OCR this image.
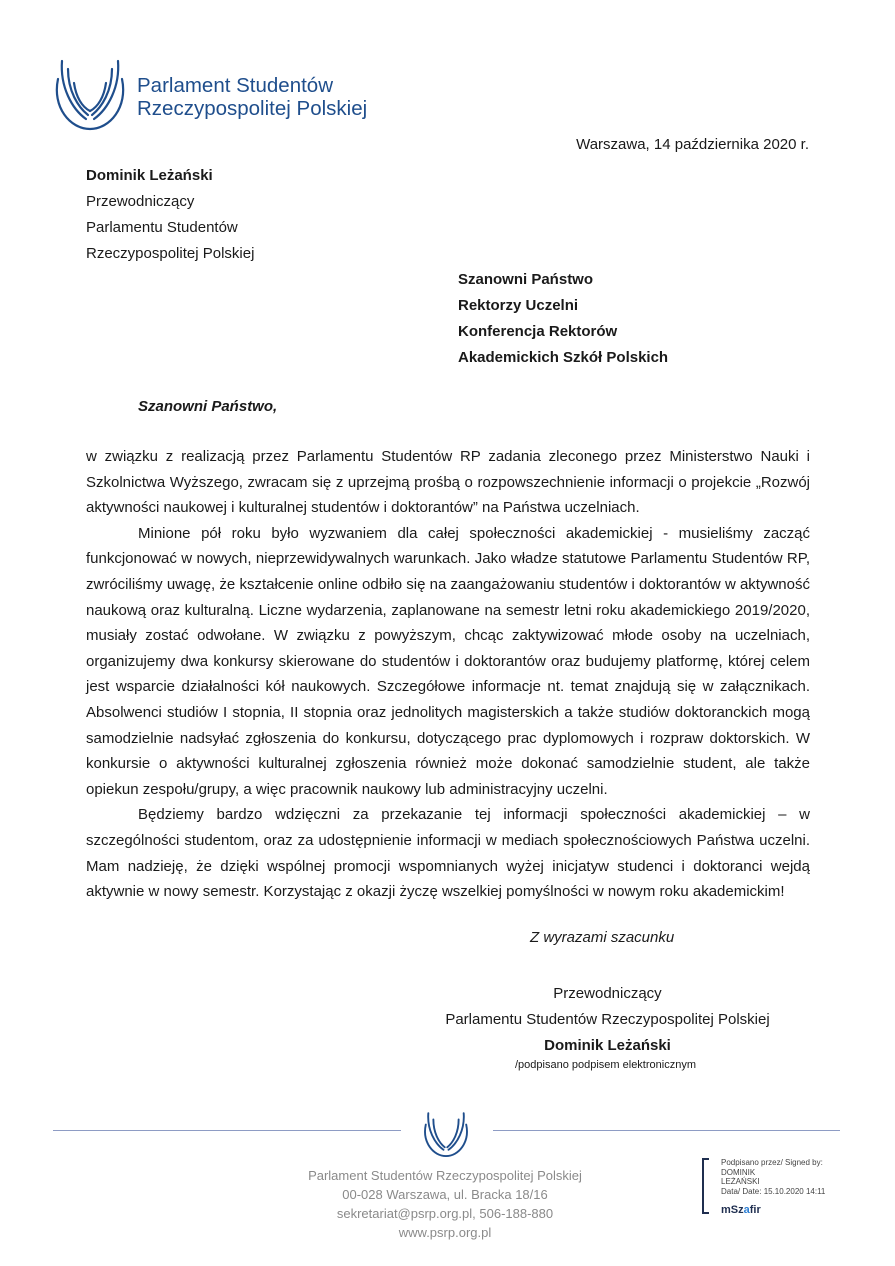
Parlament Studentów
Rzeczypospolitej Polskiej
Warszawa, 14 października 2020 r.
Dominik Leżański
Przewodniczący
Parlamentu Studentów
Rzeczypospolitej Polskiej
Szanowni Państwo
Rektorzy Uczelni
Konferencja Rektorów
Akademickich Szkół Polskich
Szanowni Państwo,

w związku z realizacją przez Parlamentu Studentów RP zadania zleconego przez Ministerstwo Nauki i Szkolnictwa Wyższego, zwracam się z uprzejmą prośbą o rozpowszechnienie informacji o projekcie „Rozwój aktywności naukowej i kulturalnej studentów i doktorantów” na Państwa uczelniach.

Minione pół roku było wyzwaniem dla całej społeczności akademickiej - musieliśmy zacząć funkcjonować w nowych, nieprzewidywalnych warunkach. Jako władze statutowe Parlamentu Studentów RP, zwróciliśmy uwagę, że kształcenie online odbiło się na zaangażowaniu studentów i doktorantów w aktywność naukową oraz kulturalną. Liczne wydarzenia, zaplanowane na semestr letni roku akademickiego 2019/2020, musiały zostać odwołane. W związku z powyższym, chcąc zaktywizować młode osoby na uczelniach, organizujemy dwa konkursy skierowane do studentów i doktorantów oraz budujemy platformę, której celem jest wsparcie działalności kół naukowych. Szczegółowe informacje nt. temat znajdują się w załącznikach. Absolwenci studiów I stopnia, II stopnia oraz jednolitych magisterskich a także studiów doktoranckich mogą samodzielnie nadsyłać zgłoszenia do konkursu, dotyczącego prac dyplomowych i rozpraw doktorskich. W konkursie o aktywności kulturalnej zgłoszenia również może dokonać samodzielnie student, ale także opiekun zespołu/grupy, a więc pracownik naukowy lub administracyjny uczelni.

Będziemy bardzo wdzięczni za przekazanie tej informacji społeczności akademickiej – w szczególności studentom, oraz za udostępnienie informacji w mediach społecznościowych Państwa uczelni. Mam nadzieję, że dzięki wspólnej promocji wspomnianych wyżej inicjatyw studenci i doktoranci wejdą aktywnie w nowy semestr. Korzystając z okazji życzę wszelkiej pomyślności w nowym roku akademickim!

Z wyrazami szacunku
Przewodniczący
Parlamentu Studentów Rzeczypospolitej Polskiej
Dominik Leżański
/podpisano podpisem elektronicznym
Parlament Studentów Rzeczypospolitej Polskiej
00-028 Warszawa, ul. Bracka 18/16
sekretariat@psrp.org.pl, 506-188-880
www.psrp.org.pl
Podpisano przez/ Signed by:
DOMINIK
LEŻAŃSKI
Data/ Date: 15.10.2020 14:11
mSzafir
